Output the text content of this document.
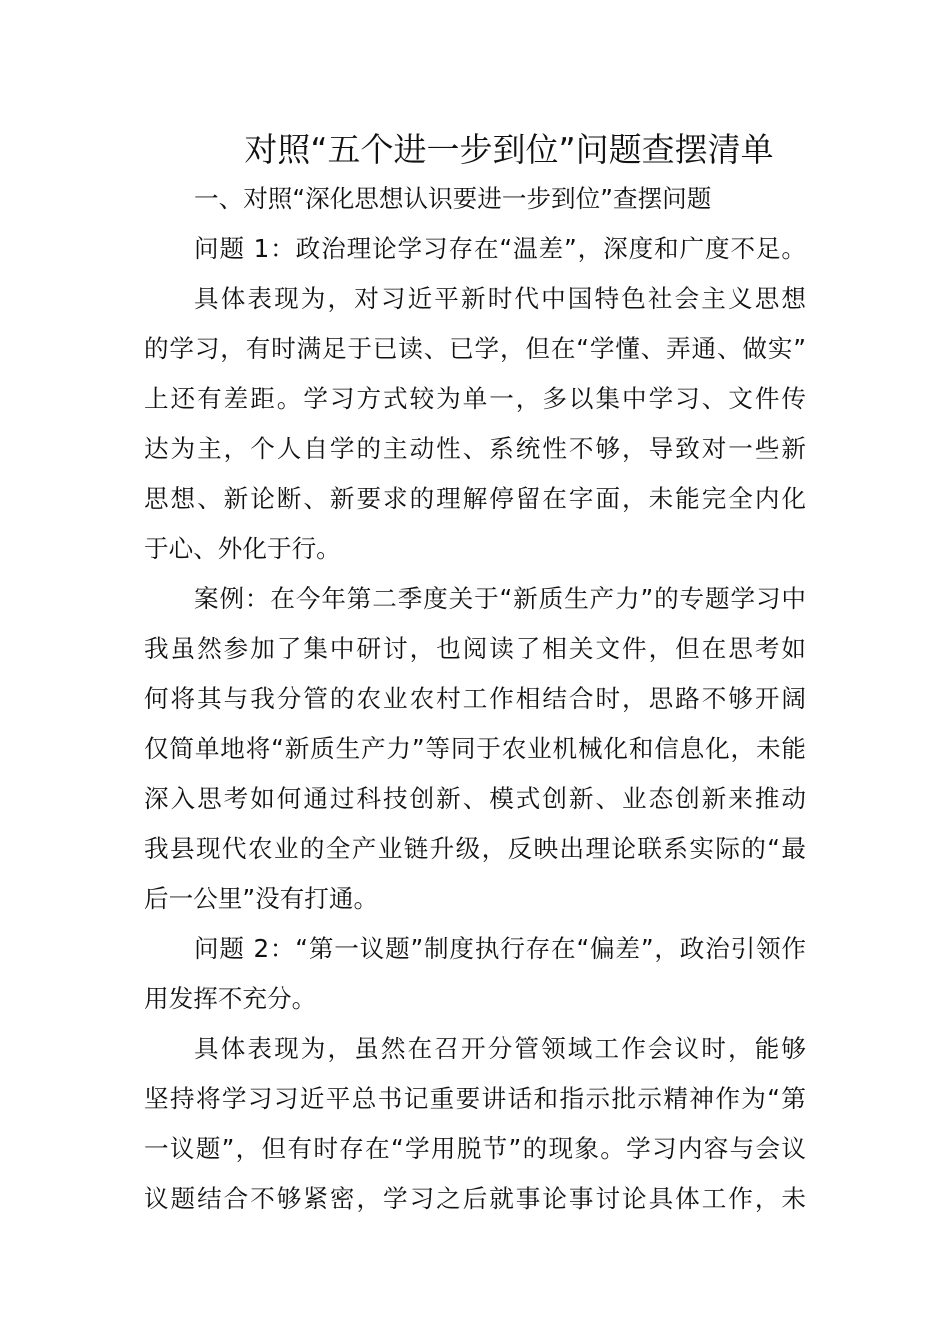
对照“五个进一步到位”问题查摆清单
一、对照“深化思想认识要进一步到位”查摆问题
问题 1：政治理论学习存在“温差”，深度和广度不足。
具体表现为，对习近平新时代中国特色社会主义思想
的学习，有时满足于已读、已学，但在“学懂、弄通、做实”
上还有差距。学习方式较为单一，多以集中学习、文件传
达为主，个人自学的主动性、系统性不够，导致对一些新
思想、新论断、新要求的理解停留在字面，未能完全内化
于心、外化于行。
案例：在今年第二季度关于“新质生产力”的专题学习中
我虽然参加了集中研讨，也阅读了相关文件，但在思考如
何将其与我分管的农业农村工作相结合时，思路不够开阔
仅简单地将“新质生产力”等同于农业机械化和信息化，未能
深入思考如何通过科技创新、模式创新、业态创新来推动
我县现代农业的全产业链升级，反映出理论联系实际的“最
后一公里”没有打通。
问题 2：“第一议题”制度执行存在“偏差”，政治引领作
用发挥不充分。
具体表现为，虽然在召开分管领域工作会议时，能够
坚持将学习习近平总书记重要讲话和指示批示精神作为“第
一议题”，但有时存在“学用脱节”的现象。学习内容与会议
议题结合不够紧密，学习之后就事论事讨论具体工作，未
